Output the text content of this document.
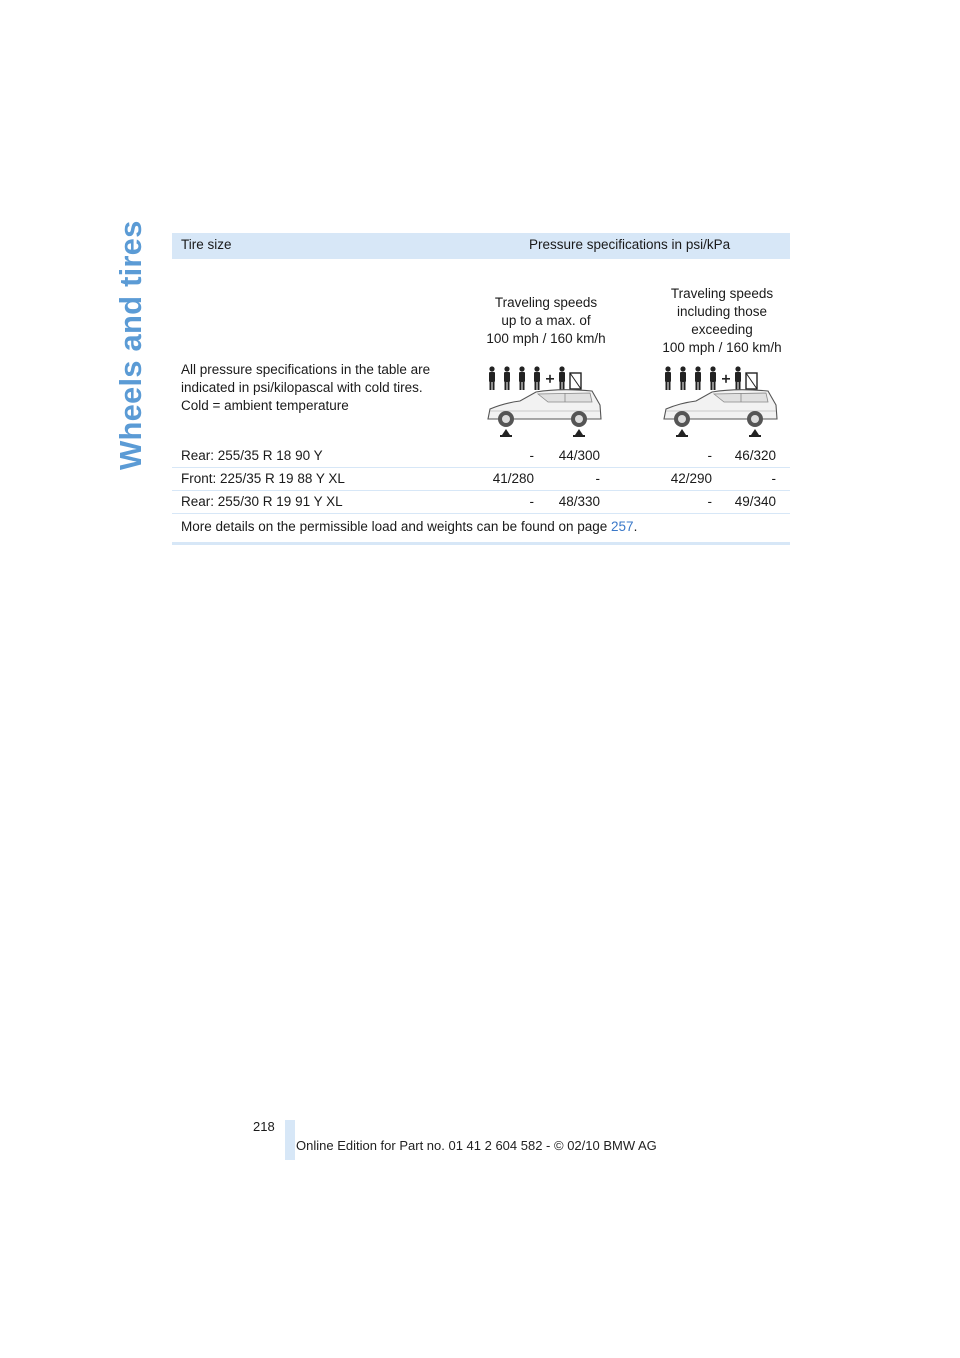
Wheels and tires Tire size	Pressure specifications in psi/kPa
Traveling speeds
up to a max. of
100 mph / 160 km/h
Traveling speeds
including those
exceeding
100 mph / 160 km/h
All pressure specifications in the table are
indicated in psi/kilopascal with cold tires.
Cold = ambient temperature
Rear: 255/35 R 18 90 Y	-	44/300	-	46/320
Front: 225/35 R 19 88 Y XL	41/280	-	42/290	-
Rear: 255/30 R 19 91 Y XL	-	48/330	-	49/340
More details on the permissible load and weights can be found on page 257.
218
Online Edition for Part no. 01 41 2 604 582 - © 02/10 BMW AG
